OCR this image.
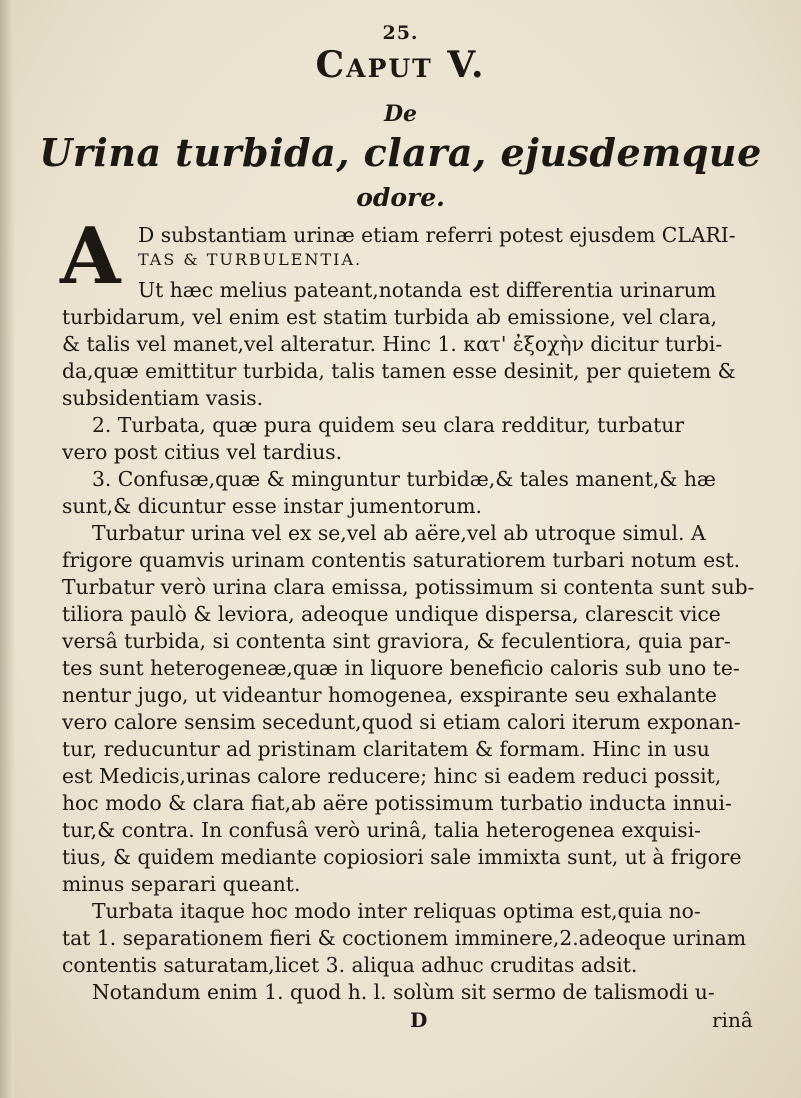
25.
Caput V.
De
Urina turbida, clara, ejusdemque
odore.
A D substantiam urinæ etiam referri potest ejusdem CLARI-
TAS & TURBULENTIA.
Ut hæc melius pateant,notanda est differentia urinarum
turbidarum, vel enim est statim turbida ab emissione, vel clara,
& talis vel manet,vel alteratur. Hinc 1. κατ' ἐξοχὴν dicitur turbi-
da,quæ emittitur turbida, talis tamen esse desinit, per quietem &
subsidentiam vasis.
2. Turbata, quæ pura quidem seu clara redditur, turbatur
vero post citius vel tardius.
3. Confusæ,quæ & minguntur turbidæ,& tales manent,& hæ
sunt,& dicuntur esse instar jumentorum.
Turbatur urina vel ex se,vel ab aëre,vel ab utroque simul. A
frigore quamvis urinam contentis saturatiorem turbari notum est.
Turbatur verò urina clara emissa, potissimum si contenta sunt sub-
tiliora paulò & leviora, adeoque undique dispersa, clarescit vice
versâ turbida, si contenta sint graviora, & feculentiora, quia par-
tes sunt heterogeneæ,quæ in liquore beneficio caloris sub uno te-
nentur jugo, ut videantur homogenea, exspirante seu exhalante
vero calore sensim secedunt,quod si etiam calori iterum exponan-
tur, reducuntur ad pristinam claritatem & formam. Hinc in usu
est Medicis,urinas calore reducere; hinc si eadem reduci possit,
hoc modo & clara fiat,ab aëre potissimum turbatio inducta innui-
tur,& contra. In confusâ verò urinâ, talia heterogenea exquisi-
tius, & quidem mediante copiosiori sale immixta sunt, ut à frigore
minus separari queant.
Turbata itaque hoc modo inter reliquas optima est,quia no-
tat 1. separationem fieri & coctionem imminere,2.adeoque urinam
contentis saturatam,licet 3. aliqua adhuc cruditas adsit.
Notandum enim 1. quod h. l. solùm sit sermo de talismodi u-
D	rinâ
